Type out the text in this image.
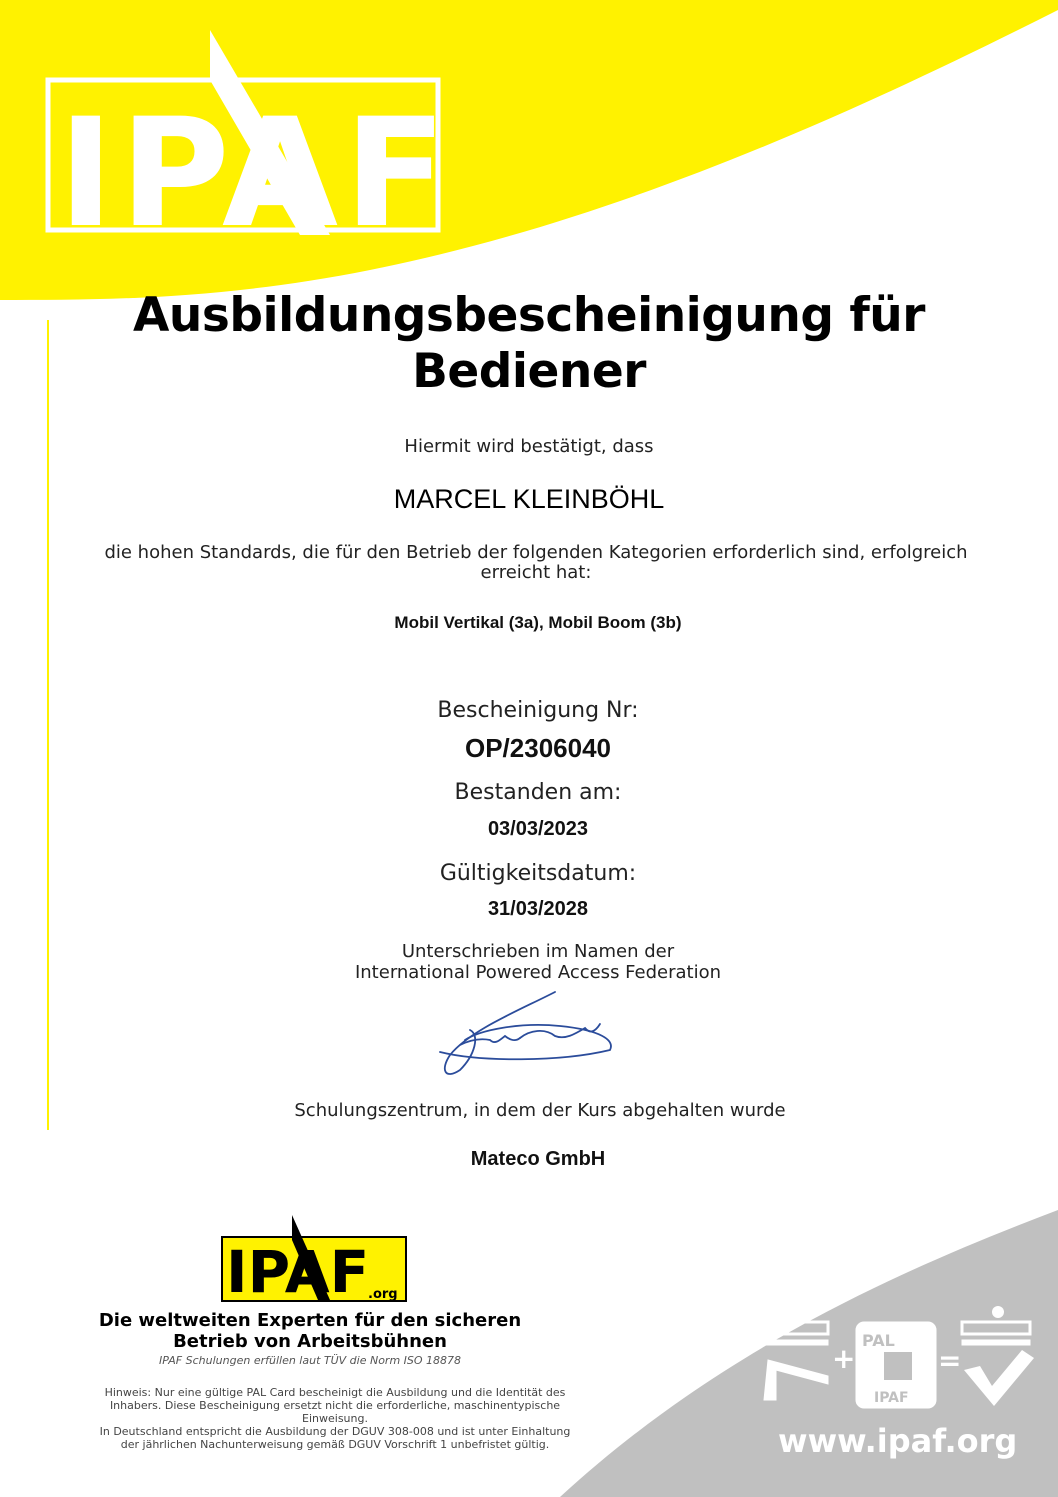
IPAF
IPAF
.org
+
PAL
IPAF
=
Ausbildungsbescheinigung für
Bediener
Hiermit wird bestätigt, dass
MARCEL KLEINBÖHL
die hohen Standards, die für den Betrieb der folgenden Kategorien erforderlich sind, erfolgreich erreicht hat:
Mobil Vertikal (3a), Mobil Boom (3b)
Bescheinigung Nr:
OP/2306040
Bestanden am:
03/03/2023
Gültigkeitsdatum:
31/03/2028
Unterschrieben im Namen der
International Powered Access Federation
Schulungszentrum, in dem der Kurs abgehalten wurde
Mateco GmbH
Die weltweiten Experten für den sicheren
Betrieb von Arbeitsbühnen
IPAF Schulungen erfüllen laut TÜV die Norm ISO 18878
Hinweis: Nur eine gültige PAL Card bescheinigt die Ausbildung und die Identität des
Inhabers. Diese Bescheinigung ersetzt nicht die erforderliche, maschinentypische
Einweisung.
In Deutschland entspricht die Ausbildung der DGUV 308-008 und ist unter Einhaltung
der jährlichen Nachunterweisung gemäß DGUV Vorschrift 1 unbefristet gültig.	www.ipaf.org
